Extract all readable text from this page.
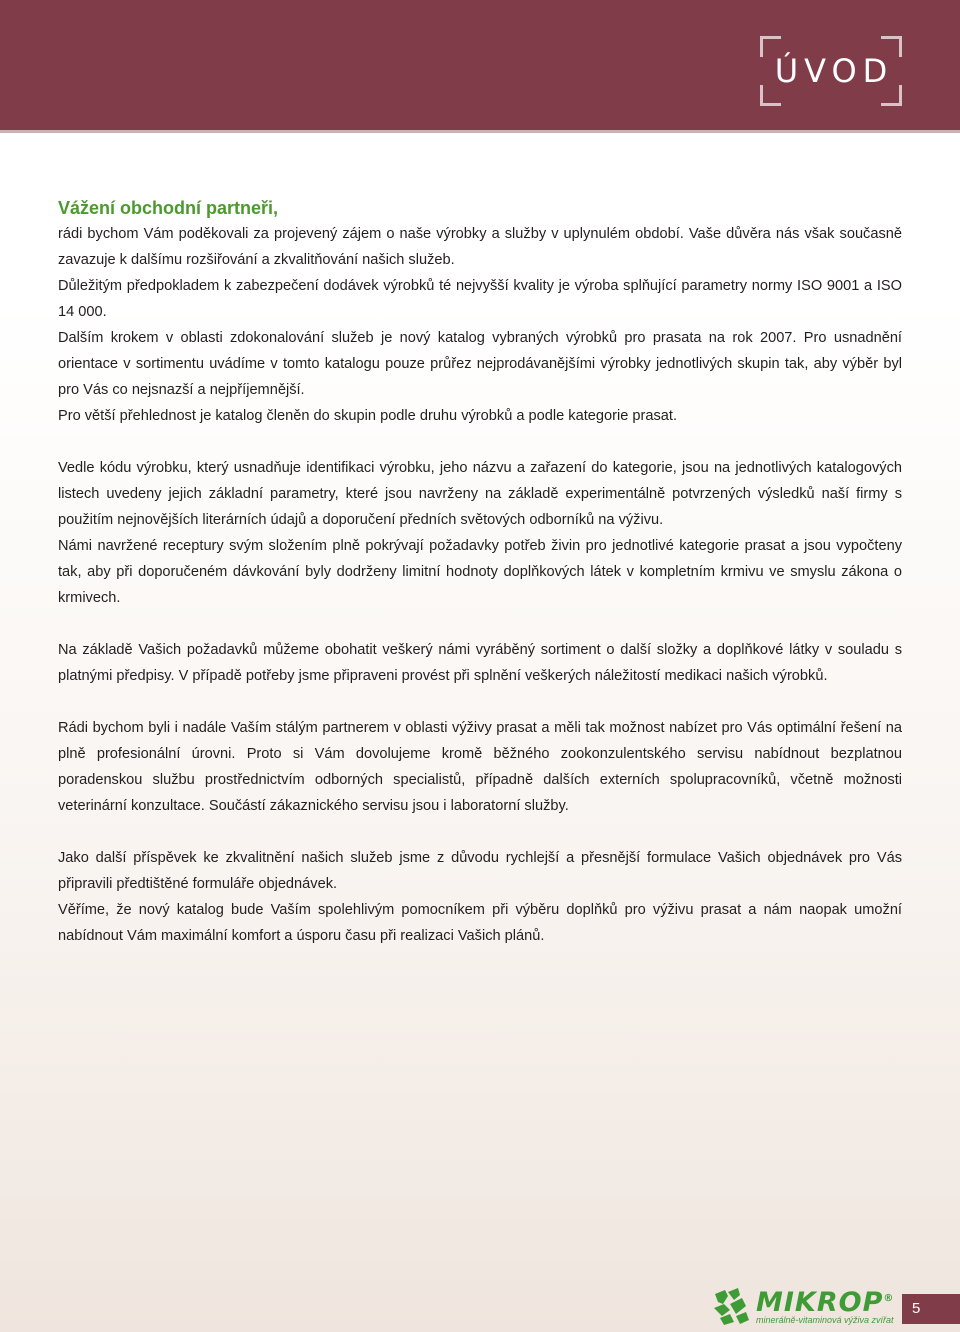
ÚVOD
Vážení obchodní partneři,

rádi bychom Vám poděkovali za projevený zájem o naše výrobky a služby v uplynulém období. Vaše důvěra nás však současně zavazuje k dalšímu rozšiřování a zkvalitňování našich služeb.

Důležitým předpokladem k zabezpečení dodávek výrobků té nejvyšší kvality je výroba splňující parametry normy ISO 9001 a ISO 14 000.

Dalším krokem v oblasti zdokonalování služeb je nový katalog vybraných výrobků pro prasata na rok 2007. Pro usnadnění orientace v sortimentu uvádíme v tomto katalogu pouze průřez nejprodávanějšími výrobky jednotlivých skupin tak, aby výběr byl pro Vás co nejsnazší a nejpříjemnější.

Pro větší přehlednost je katalog členěn do skupin podle druhu výrobků a podle kategorie prasat.

Vedle kódu výrobku, který usnadňuje identifikaci výrobku, jeho názvu a zařazení do kategorie, jsou na jednotlivých katalogových listech uvedeny jejich základní parametry, které jsou navrženy na základě experimentálně potvrzených výsledků naší firmy s použitím nejnovějších literárních údajů a doporučení předních světových odborníků na výživu.

Námi navržené receptury svým složením plně pokrývají požadavky potřeb živin pro jednotlivé kategorie prasat a jsou vypočteny tak, aby při doporučeném dávkování byly dodrženy limitní hodnoty doplňkových látek v kompletním krmivu ve smyslu zákona o krmivech.

Na základě Vašich požadavků můžeme obohatit veškerý námi vyráběný sortiment o další složky a doplňkové látky v souladu s platnými předpisy. V případě potřeby jsme připraveni provést při splnění veškerých náležitostí medikaci našich výrobků.

Rádi bychom byli i nadále Vaším stálým partnerem v oblasti výživy prasat a měli tak možnost nabízet pro Vás optimální řešení na plně profesionální úrovni. Proto si Vám dovolujeme kromě běžného zookonzulentského servisu nabídnout bezplatnou poradenskou službu prostřednictvím odborných specialistů, případně dalších externích spolupracovníků, včetně možnosti veterinární konzultace. Součástí zákaznického servisu jsou i laboratorní služby.

Jako další příspěvek ke zkvalitnění našich služeb jsme z důvodu rychlejší a přesnější formulace Vašich objednávek pro Vás připravili předtištěné formuláře objednávek.

Věříme, že nový katalog bude Vaším spolehlivým pomocníkem při výběru doplňků pro výživu prasat a nám naopak umožní nabídnout Vám maximální komfort a úsporu času při realizaci Vašich plánů.

MIKROP®
minerálně-vitaminová výživa zvířat
5
